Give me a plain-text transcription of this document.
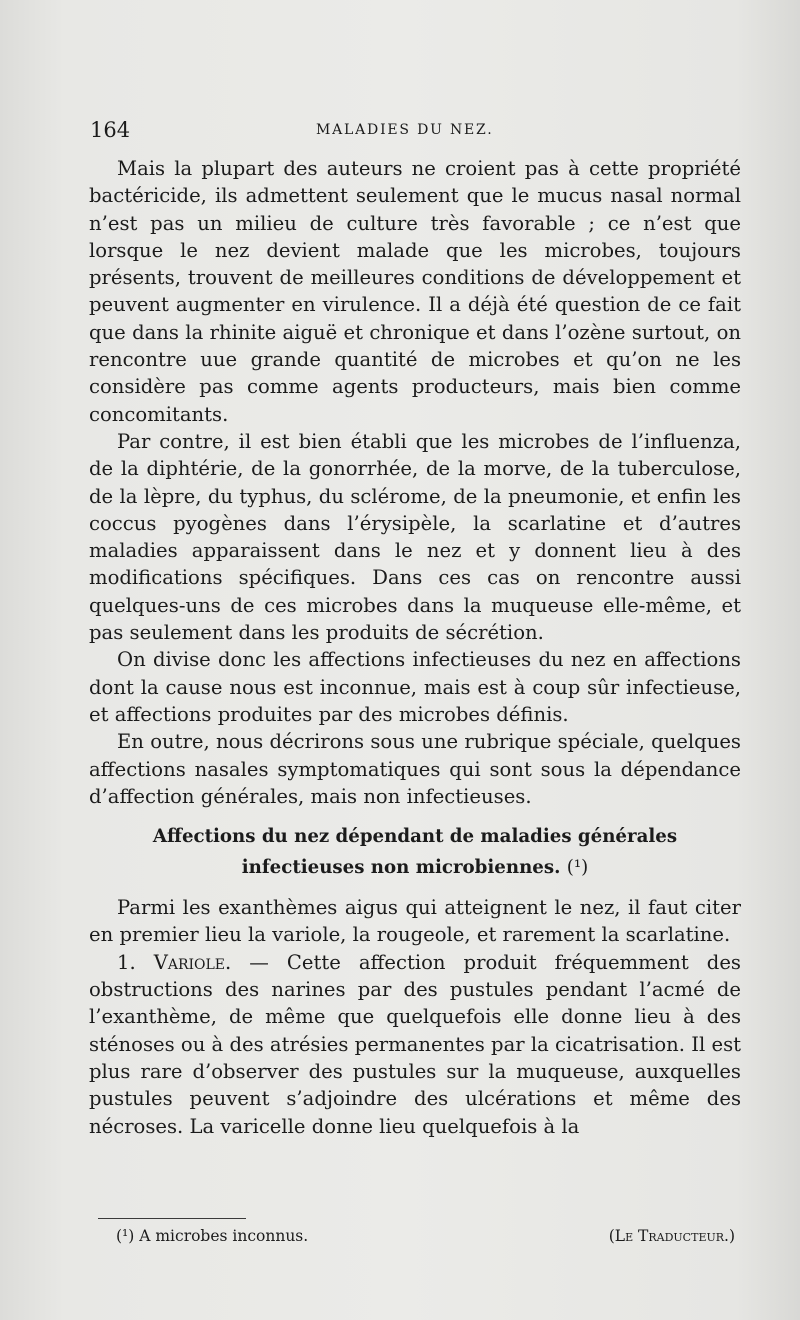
164	MALADIES DU NEZ.

Mais la plupart des auteurs ne croient pas à cette propriété bactéricide, ils admettent seulement que le mucus nasal normal n’est pas un milieu de culture très favorable ; ce n’est que lorsque le nez devient malade que les microbes, toujours présents, trouvent de meilleures conditions de développement et peuvent augmenter en virulence. Il a déjà été question de ce fait que dans la rhinite aiguë et chronique et dans l’ozène surtout, on rencontre uue grande quantité de microbes et qu’on ne les considère pas comme agents producteurs, mais bien comme concomitants.

Par contre, il est bien établi que les microbes de l’influenza, de la diphtérie, de la gonorrhée, de la morve, de la tuberculose, de la lèpre, du typhus, du sclérome, de la pneumonie, et enfin les coccus pyogènes dans l’érysipèle, la scarlatine et d’autres maladies apparaissent dans le nez et y donnent lieu à des modifications spécifiques. Dans ces cas on rencontre aussi quelques-uns de ces microbes dans la muqueuse elle-même, et pas seulement dans les produits de sécrétion.

On divise donc les affections infectieuses du nez en affections dont la cause nous est inconnue, mais est à coup sûr infectieuse, et affections produites par des microbes définis.

En outre, nous décrirons sous une rubrique spéciale, quelques affections nasales symptomatiques qui sont sous la dépendance d’affection générales, mais non infectieuses.

Affections du nez dépendant de maladies générales infectieuses non microbiennes. (¹)

Parmi les exanthèmes aigus qui atteignent le nez, il faut citer en premier lieu la variole, la rougeole, et rarement la scarlatine.

1. Variole. — Cette affection produit fréquemment des obstructions des narines par des pustules pendant l’acmé de l’exanthème, de même que quelquefois elle donne lieu à des sténoses ou à des atrésies permanentes par la cicatrisation. Il est plus rare d’observer des pustules sur la muqueuse, auxquelles pustules peuvent s’adjoindre des ulcérations et même des nécroses. La varicelle donne lieu quelquefois à la

(¹) A microbes inconnus.	(Le Traducteur.)
